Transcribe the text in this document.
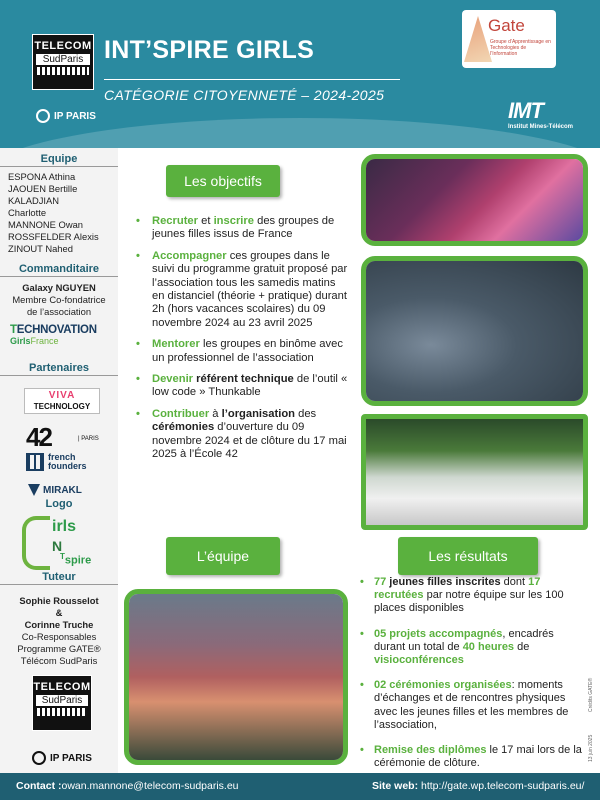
TELECOM
SudParis
IP PARIS
INT’SPIRE GIRLS
CATÉGORIE CITOYENNETÉ – 2024-2025
Gate
Groupe d’Apprentissage en Technologies de l’Information
IMT
Institut Mines-Télécom
Equipe
ESPONA Athina
JAOUEN Bertille
KALADJIAN
Charlotte
MANNONE Owan
ROSSFELDER Alexis
ZINOUT Nahed
Commanditaire
Galaxy NGUYEN
Membre Co-fondatrice
de l’association
TECHNOVATION
GirlsFrance
Partenaires
VIVA
TECHNOLOGY
42	| PARIS
french
founders
MIRAKL
Logo
irls
N
$^T$spire
Tuteur
Sophie Rousselot
&
Corinne Truche
Co-Responsables
Programme GATE®
Télécom SudParis
TELECOM
SudParis
IP PARIS
Les objectifs
• Recruter et inscrire des groupes de jeunes filles issus de France
• Accompagner ces groupes dans le suivi du programme gratuit proposé par l’association tous les samedis matins en distanciel (théorie + pratique) durant 2h (hors vacances scolaires) du 09 novembre 2024 au 23 avril 2025
• Mentorer les groupes en binôme avec un professionnel de l’association
• Devenir référent technique de l’outil « low code » Thunkable
• Contribuer à l’organisation des cérémonies d’ouverture du 09 novembre 2024 et de clôture du 17 mai 2025 à l’École 42
L’équipe	Les résultats
• 77 jeunes filles inscrites dont 17 recrutées par notre équipe sur les 100 places disponibles
• 05 projets accompagnés, encadrés durant un total de 40 heures de visioconférences
• 02 cérémonies organisées: moments d’échanges et de rencontres physiques avec les jeunes filles et les membres de l’association,
• Remise des diplômes le 17 mai lors de la cérémonie de clôture.
Crédits GATE®
13 juin 2025
Contact :owan.mannone@telecom-sudparis.eu	Site web: http://gate.wp.telecom-sudparis.eu/
